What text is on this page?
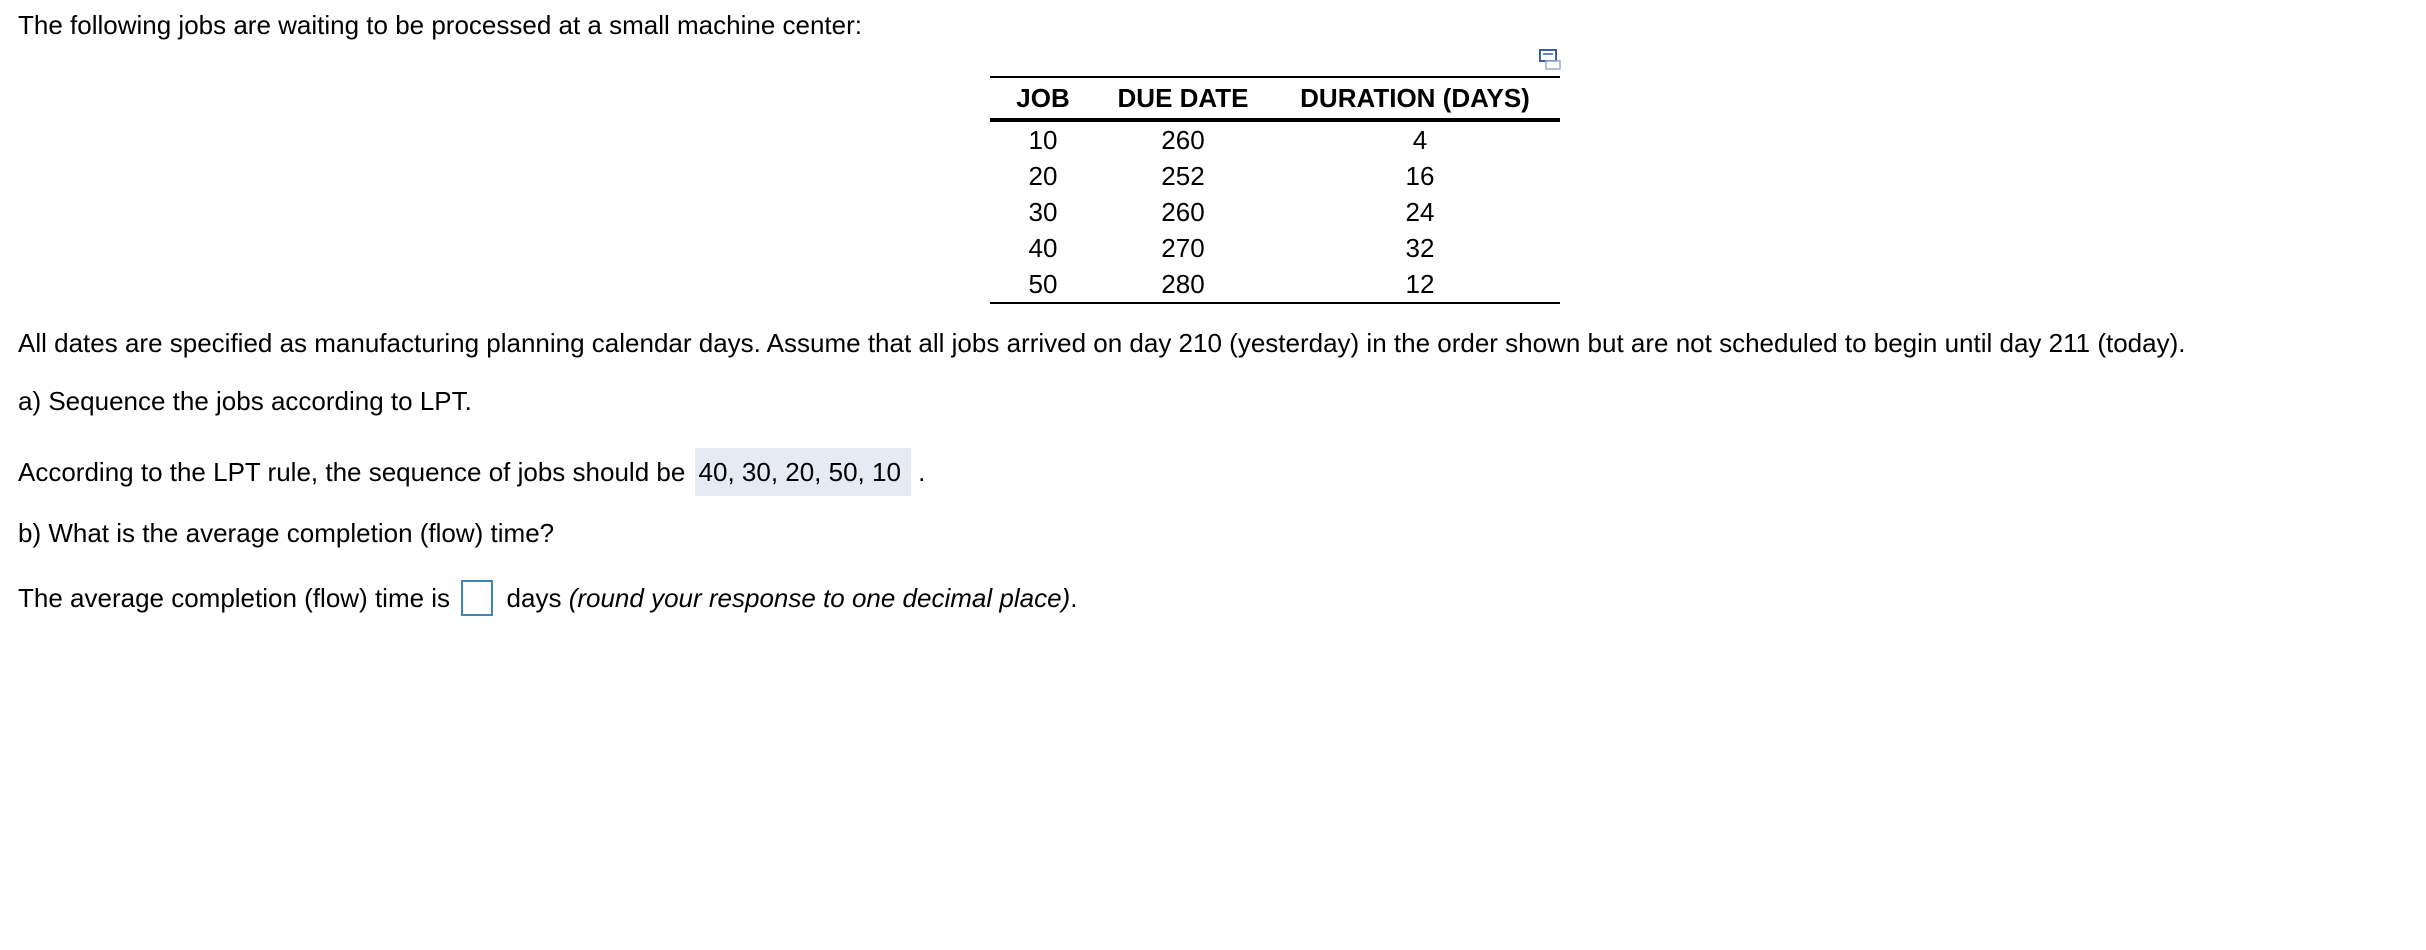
The following jobs are waiting to be processed at a small machine center:
JOB	DUE DATE	DURATION (DAYS)
10	260	4
20	252	16
30	260	24
40	270	32
50	280	12
All dates are specified as manufacturing planning calendar days. Assume that all jobs arrived on day 210 (yesterday) in the order shown but are not scheduled to begin until day 211 (today).
a) Sequence the jobs according to LPT.
According to the LPT rule, the sequence of jobs should be 40, 30, 20, 50, 10 .
b) What is the average completion (flow) time?
The average completion (flow) time is days (round your response to one decimal place).
